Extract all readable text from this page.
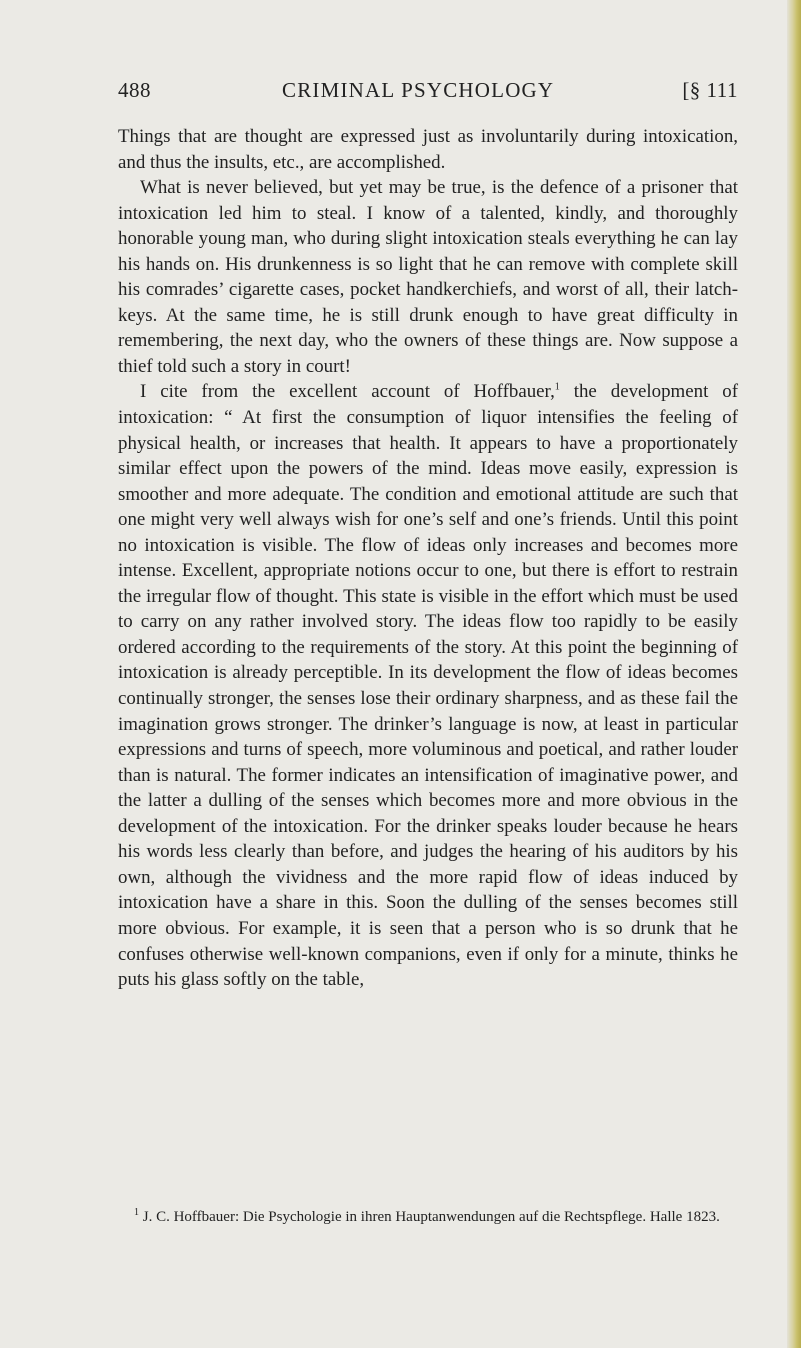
488	CRIMINAL PSYCHOLOGY	[§ 111

Things that are thought are expressed just as involuntarily during intoxication, and thus the insults, etc., are accomplished.

What is never believed, but yet may be true, is the defence of a prisoner that intoxication led him to steal. I know of a talented, kindly, and thoroughly honorable young man, who during slight intoxication steals everything he can lay his hands on. His drunkenness is so light that he can remove with complete skill his comrades’ cigarette cases, pocket handkerchiefs, and worst of all, their latch-keys. At the same time, he is still drunk enough to have great difficulty in remembering, the next day, who the owners of these things are. Now suppose a thief told such a story in court!

I cite from the excellent account of Hoffbauer,$^1$ the development of intoxication: “ At first the consumption of liquor intensifies the feeling of physical health, or increases that health. It appears to have a proportionately similar effect upon the powers of the mind. Ideas move easily, expression is smoother and more adequate. The condition and emotional attitude are such that one might very well always wish for one’s self and one’s friends. Until this point no intoxication is visible. The flow of ideas only increases and becomes more intense. Excellent, appropriate notions occur to one, but there is effort to restrain the irregular flow of thought. This state is visible in the effort which must be used to carry on any rather involved story. The ideas flow too rapidly to be easily ordered according to the requirements of the story. At this point the beginning of intoxication is already perceptible. In its development the flow of ideas becomes continually stronger, the senses lose their ordinary sharpness, and as these fail the imagination grows stronger. The drinker’s language is now, at least in particular expressions and turns of speech, more voluminous and poetical, and rather louder than is natural. The former indicates an intensification of imaginative power, and the latter a dulling of the senses which becomes more and more obvious in the development of the intoxication. For the drinker speaks louder because he hears his words less clearly than before, and judges the hearing of his auditors by his own, although the vividness and the more rapid flow of ideas induced by intoxication have a share in this. Soon the dulling of the senses becomes still more obvious. For example, it is seen that a person who is so drunk that he confuses otherwise well-known companions, even if only for a minute, thinks he puts his glass softly on the table,

$^1$ J. C. Hoffbauer: Die Psychologie in ihren Hauptanwendungen auf die Rechtspflege. Halle 1823.
